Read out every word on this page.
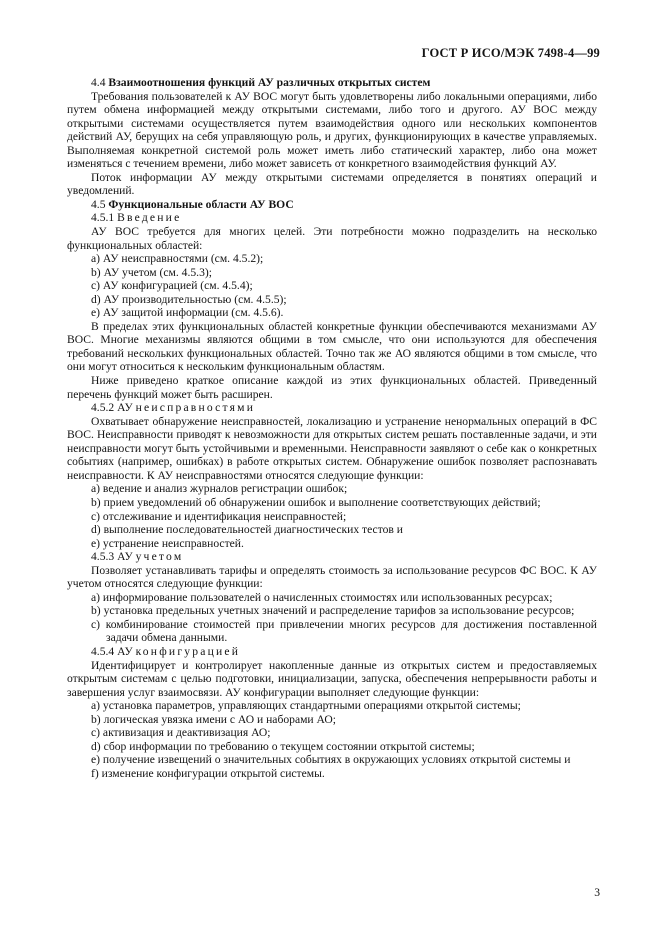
ГОСТ Р ИСО/МЭК 7498-4—99

4.4 Взаимоотношения функций АУ различных открытых систем

Требования пользователей к АУ ВОС могут быть удовлетворены либо локальными операциями, либо путем обмена информацией между открытыми системами, либо того и другого. АУ ВОС между открытыми системами осуществляется путем взаимодействия одного или нескольких компонентов действий АУ, берущих на себя управляющую роль, и других, функционирующих в качестве управляемых. Выполняемая конкретной системой роль может иметь либо статический характер, либо она может изменяться с течением времени, либо может зависеть от конкретного взаимодействия функций АУ.

Поток информации АУ между открытыми системами определяется в понятиях операций и уведомлений.

4.5 Функциональные области АУ ВОС

4.5.1 Введение

АУ ВОС требуется для многих целей. Эти потребности можно подразделить на несколько функциональных областей:

a) АУ неисправностями (см. 4.5.2);
b) АУ учетом (см. 4.5.3);
c) АУ конфигурацией (см. 4.5.4);
d) АУ производительностью (см. 4.5.5);
e) АУ защитой информации (см. 4.5.6).

В пределах этих функциональных областей конкретные функции обеспечиваются механизмами АУ ВОС. Многие механизмы являются общими в том смысле, что они используются для обеспечения требований нескольких функциональных областей. Точно так же АО являются общими в том смысле, что они могут относиться к нескольким функциональным областям.

Ниже приведено краткое описание каждой из этих функциональных областей. Приведенный перечень функций может быть расширен.

4.5.2 АУ неисправностями

Охватывает обнаружение неисправностей, локализацию и устранение ненормальных операций в ФС ВОС. Неисправности приводят к невозможности для открытых систем решать поставленные задачи, и эти неисправности могут быть устойчивыми и временными. Неисправности заявляют о себе как о конкретных событиях (например, ошибках) в работе открытых систем. Обнаружение ошибок позволяет распознавать неисправности. К АУ неисправностями относятся следующие функции:

a) ведение и анализ журналов регистрации ошибок;
b) прием уведомлений об обнаружении ошибок и выполнение соответствующих действий;
c) отслеживание и идентификация неисправностей;
d) выполнение последовательностей диагностических тестов и
e) устранение неисправностей.

4.5.3 АУ учетом

Позволяет устанавливать тарифы и определять стоимость за использование ресурсов ФС ВОС. К АУ учетом относятся следующие функции:

a) информирование пользователей о начисленных стоимостях или использованных ресурсах;
b) установка предельных учетных значений и распределение тарифов за использование ресурсов;
c) комбинирование стоимостей при привлечении многих ресурсов для достижения поставленной задачи обмена данными.

4.5.4 АУ конфигурацией

Идентифицирует и контролирует накопленные данные из открытых систем и предоставляемых открытым системам с целью подготовки, инициализации, запуска, обеспечения непрерывности работы и завершения услуг взаимосвязи. АУ конфигурации выполняет следующие функции:

a) установка параметров, управляющих стандартными операциями открытой системы;
b) логическая увязка имени с АО и наборами АО;
c) активизация и деактивизация АО;
d) сбор информации по требованию о текущем состоянии открытой системы;
e) получение извещений о значительных событиях в окружающих условиях открытой системы и
f) изменение конфигурации открытой системы.
3
